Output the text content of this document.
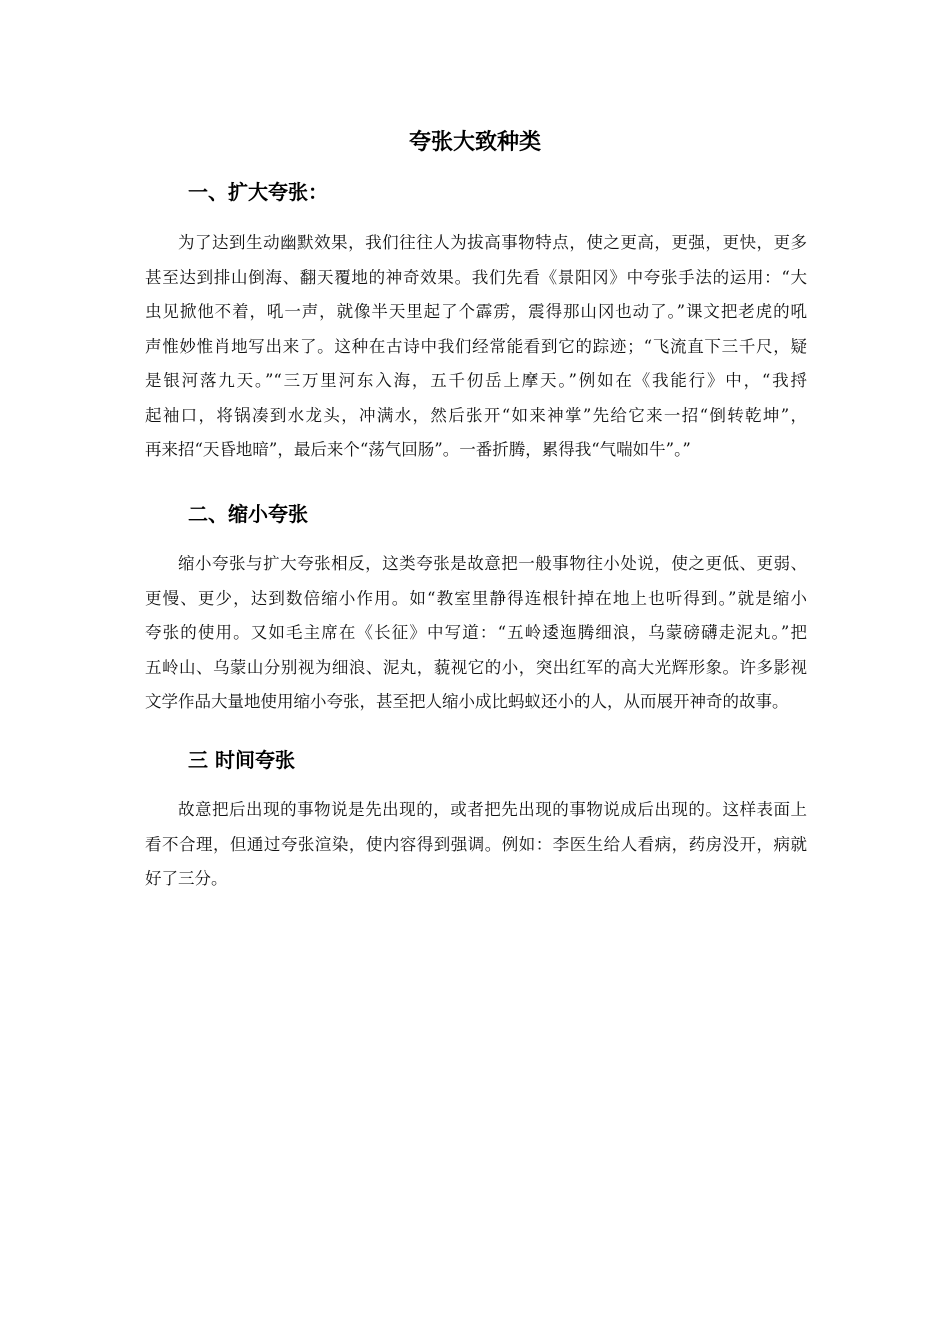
夸张大致种类
一、扩大夸张：
为了达到生动幽默效果，我们往往人为拔高事物特点，使之更高，更强，更快，更多
甚至达到排山倒海、翻天覆地的神奇效果。我们先看《景阳冈》中夸张手法的运用：“大
虫见掀他不着，吼一声，就像半天里起了个霹雳，震得那山冈也动了。”课文把老虎的吼
声惟妙惟肖地写出来了。这种在古诗中我们经常能看到它的踪迹；“飞流直下三千尺，疑
是银河落九天。”“三万里河东入海，五千仞岳上摩天。”例如在《我能行》中，“我捋
起袖口，将锅凑到水龙头，冲满水，然后张开“如来神掌”先给它来一招“倒转乾坤”，
再来招“天昏地暗”，最后来个“荡气回肠”。一番折腾，累得我“气喘如牛”。”
二、缩小夸张
缩小夸张与扩大夸张相反，这类夸张是故意把一般事物往小处说，使之更低、更弱、
更慢、更少，达到数倍缩小作用。如“教室里静得连根针掉在地上也听得到。”就是缩小
夸张的使用。又如毛主席在《长征》中写道：“五岭逶迤腾细浪，乌蒙磅礴走泥丸。”把
五岭山、乌蒙山分别视为细浪、泥丸，藐视它的小，突出红军的高大光辉形象。许多影视
文学作品大量地使用缩小夸张，甚至把人缩小成比蚂蚁还小的人，从而展开神奇的故事。
三 时间夸张
故意把后出现的事物说是先出现的，或者把先出现的事物说成后出现的。这样表面上
看不合理，但通过夸张渲染，使内容得到强调。例如：李医生给人看病，药房没开，病就
好了三分。
